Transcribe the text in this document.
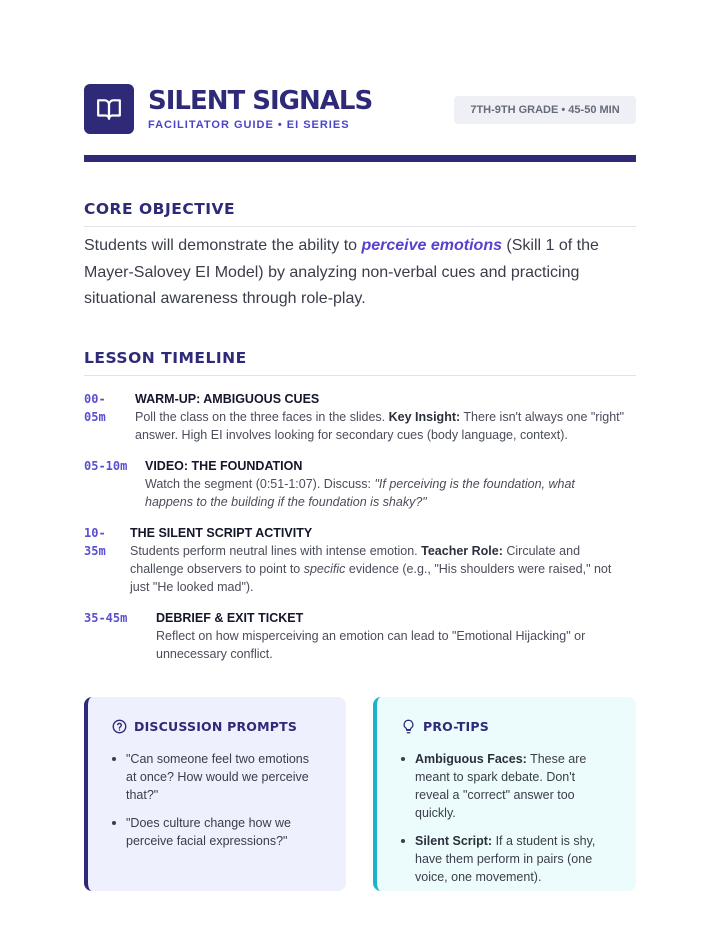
SILENT SIGNALS
FACILITATOR GUIDE • EI SERIES
7TH-9TH GRADE • 45-50 MIN
CORE OBJECTIVE

Students will demonstrate the ability to perceive emotions (Skill 1 of the Mayer-Salovey EI Model) by analyzing non-verbal cues and practicing situational awareness through role-play.

LESSON TIMELINE
00-
05m
WARM-UP: AMBIGUOUS CUES
Poll the class on the three faces in the slides. Key Insight: There isn't always one "right" answer. High EI involves looking for secondary cues (body language, context).
05-10m VIDEO: THE FOUNDATION
Watch the segment (0:51-1:07). Discuss: "If perceiving is the foundation, what happens to the building if the foundation is shaky?"
10-
35m
THE SILENT SCRIPT ACTIVITY
Students perform neutral lines with intense emotion. Teacher Role: Circulate and challenge observers to point to specific evidence (e.g., "His shoulders were raised," not just "He looked mad").
35-45m DEBRIEF & EXIT TICKET
Reflect on how misperceiving an emotion can lead to "Emotional Hijacking" or unnecessary conflict.
DISCUSSION PROMPTS
"Can someone feel two emotions at once? How would we perceive that?"
"Does culture change how we perceive facial expressions?"
PRO-TIPS
Ambiguous Faces: These are meant to spark debate. Don't reveal a "correct" answer too quickly.
Silent Script: If a student is shy, have them perform in pairs (one voice, one movement).
